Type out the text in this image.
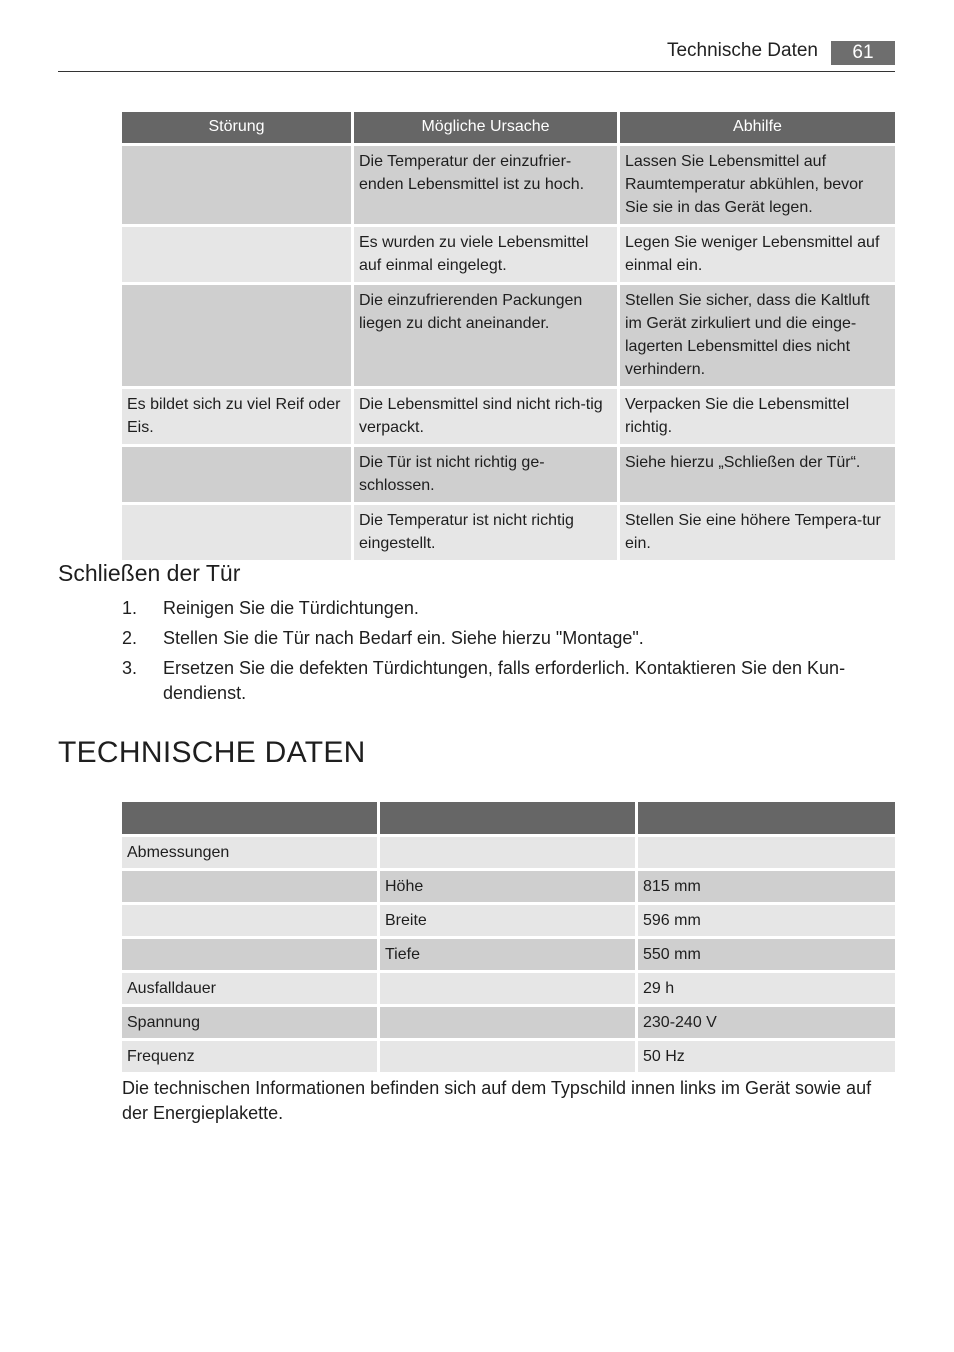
Technische Daten	61
Störung	Mögliche Ursache	Abhilfe
	Die Temperatur der einzufrier-enden Lebensmittel ist zu hoch.	Lassen Sie Lebensmittel auf Raumtemperatur abkühlen, bevor Sie sie in das Gerät legen.
	Es wurden zu viele Lebensmittel auf einmal eingelegt.	Legen Sie weniger Lebensmittel auf einmal ein.
	Die einzufrierenden Packungen liegen zu dicht aneinander.	Stellen Sie sicher, dass die Kaltluft im Gerät zirkuliert und die einge-lagerten Lebensmittel dies nicht verhindern.
Es bildet sich zu viel Reif oder Eis.	Die Lebensmittel sind nicht rich-tig verpackt.	Verpacken Sie die Lebensmittel richtig.
	Die Tür ist nicht richtig ge-schlossen.	Siehe hierzu „Schließen der Tür“.
	Die Temperatur ist nicht richtig eingestellt.	Stellen Sie eine höhere Tempera-tur ein.
Schließen der Tür
1. Reinigen Sie die Türdichtungen.
2. Stellen Sie die Tür nach Bedarf ein. Siehe hierzu "Montage".
3. Ersetzen Sie die defekten Türdichtungen, falls erforderlich. Kontaktieren Sie den Kun-dendienst.
TECHNISCHE DATEN

Abmessungen		
	Höhe	815 mm
	Breite	596 mm
	Tiefe	550 mm
Ausfalldauer		29 h
Spannung		230-240 V
Frequenz		50 Hz

Die technischen Informationen befinden sich auf dem Typschild innen links im Gerät sowie auf der Energieplakette.
